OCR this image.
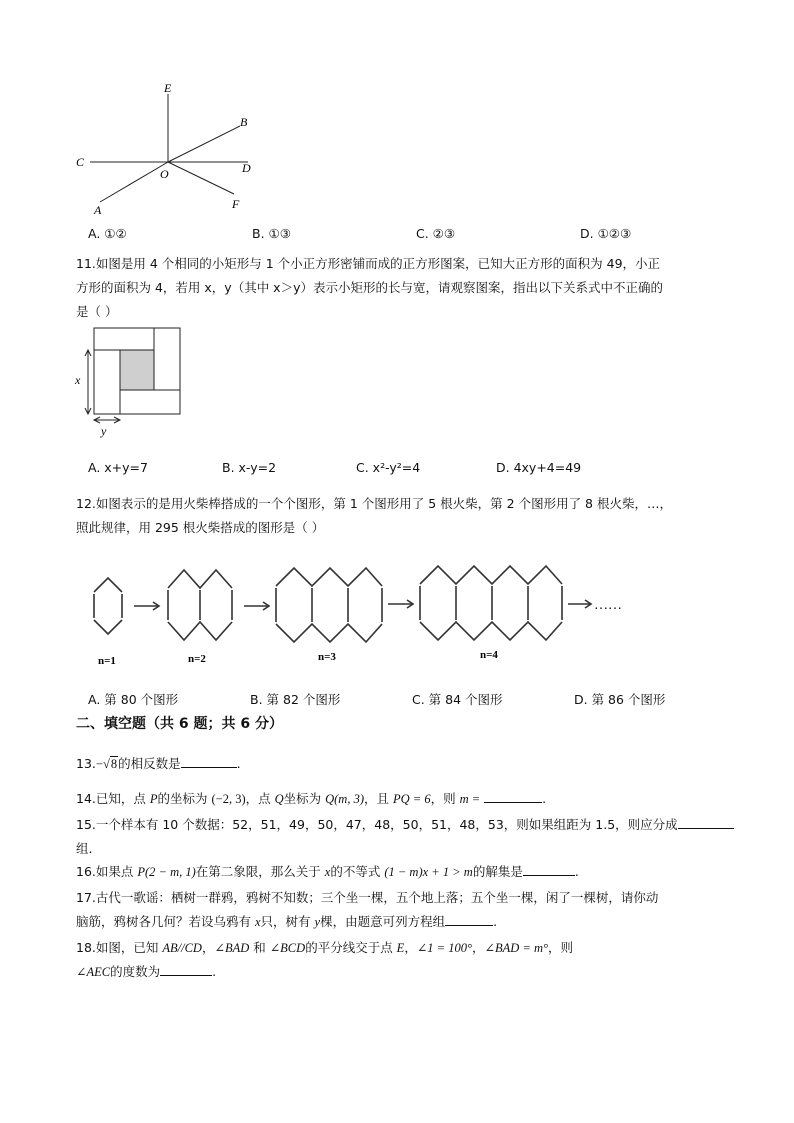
E
B
C	D
O
A	F
A. ①②	B. ①③	C. ②③	D. ①②③
11.如图是用 4 个相同的小矩形与 1 个小正方形密铺而成的正方形图案，已知大正方形的面积为 49，小正
方形的面积为 4，若用 x，y（其中 x＞y）表示小矩形的长与宽，请观察图案，指出以下关系式中不正确的
是（ ）
x
y
A. x+y=7	B. x-y=2	C. x²-y²=4	D. 4xy+4=49
12.如图表示的是用火柴棒搭成的一个个图形，第 1 个图形用了 5 根火柴，第 2 个图形用了 8 根火柴，…，
照此规律，用 295 根火柴搭成的图形是（ ）
……
n=1	n=2	n=3	n=4
A. 第 80 个图形	B. 第 82 个图形	C. 第 84 个图形	D. 第 86 个图形
二、填空题（共 6 题；共 6 分）
13.−√8的相反数是	.
14.已知，点 P的坐标为 (−2, 3)，点 Q坐标为 Q(m, 3)，且 PQ = 6，则 m =	.
15.一个样本有 10 个数据：52，51，49，50，47，48，50，51，48，53，则如果组距为 1.5，则应分成
组.
16.如果点 P(2 − m, 1)在第二象限，那么关于 x的不等式 (1 − m)x + 1 > m的解集是	.
17.古代一歌谣：栖树一群鸦，鸦树不知数；三个坐一棵，五个地上落；五个坐一棵，闲了一棵树，请你动
脑筋，鸦树各几何？若设乌鸦有 x只，树有 y棵，由题意可列方程组	.
18.如图，已知 AB//CD，∠BAD 和 ∠BCD的平分线交于点 E，∠1 = 100°，∠BAD = m°，则
∠AEC的度数为	.
